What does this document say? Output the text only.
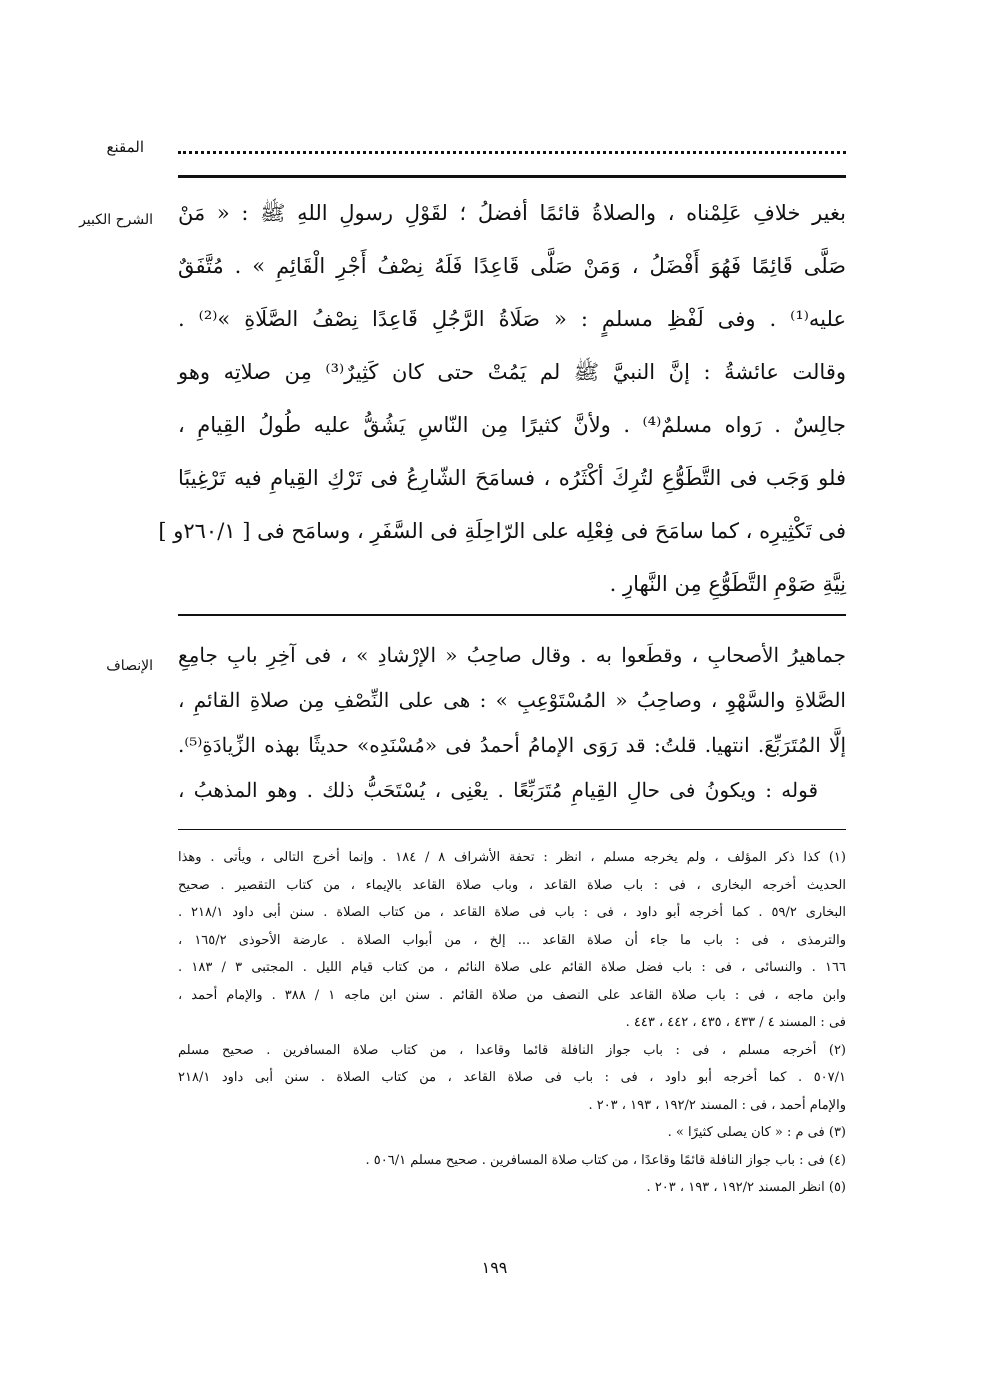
المقنع
الشرح الكبير بغير خلافِ عَلِمْناه ، والصلاةُ قائمًا أفضلُ ؛ لقَوْلِ رسولِ اللهِ ﷺ : « مَنْ
صَلَّى قَائِمًا فَهُوَ أَفْضَلُ ، وَمَنْ صَلَّى قَاعِدًا فَلَهُ نِصْفُ أَجْرِ الْقَائِمِ » . مُتَّفَقٌ
عليه⁽¹⁾ . وفى لَفْظِ مسلمٍ : « صَلَاةُ الرَّجُلِ قَاعِدًا نِصْفُ الصَّلَاةِ »⁽²⁾ .
وقالت عائشةُ : إنَّ النبيَّ ﷺ لم يَمُتْ حتى كان كَثِيرٌ⁽³⁾ مِن صلاتِه وهو
جالِسٌ . رَواه مسلمٌ⁽⁴⁾ . ولأنَّ كثيرًا مِن النّاسِ يَشُقُّ عليه طُولُ القِيامِ ،
فلو وَجَب فى التَّطَوُّعِ لتُرِكَ أكْثَرُه ، فسامَحَ الشّارِعُ فى تَرْكِ القِيامِ فيه تَرْغِيبًا
فى تَكْثِيرِه ، كما سامَحَ فى فِعْلِه على الرّاحِلَةِ فى السَّفَرِ ، وسامَح فى [ ٢٦٠/١و ]
نِيَّةِ صَوْمِ التَّطَوُّعِ مِن النَّهارِ .
الإنصاف جماهيرُ الأصحابِ ، وقطَعوا به . وقال صاحِبُ « الإرْشادِ » ، فى آخِرِ بابِ جامِعِ
الصَّلاةِ والسَّهْوِ ، وصاحِبُ « المُسْتَوْعِبِ » : هى على النِّصْفِ مِن صلاةِ القائمِ ،
إلَّا المُتَرَبِّعَ. انتهيا. قلتُ: قد رَوَى الإمامُ أحمدُ فى «مُسْنَدِه» حديثًا بهذه الزِّيادَةِ⁽⁵⁾.
قوله : ويكونُ فى حالِ القِيامِ مُتَرَبِّعًا . يعْنِى ، يُسْتَحَبُّ ذلك . وهو المذهبُ ،
(١) كذا ذكر المؤلف ، ولم يخرجه مسلم ، انظر : تحفة الأشراف ٨ / ١٨٤ . وإنما أخرج التالى ، ويأتى . وهذا
الحديث أخرجه البخارى ، فى : باب صلاة القاعد ، وباب صلاة القاعد بالإيماء ، من كتاب التقصير . صحيح
البخارى ٥٩/٢ . كما أخرجه أبو داود ، فى : باب فى صلاة القاعد ، من كتاب الصلاة . سنن أبى داود ٢١٨/١ .
والترمذى ، فى : باب ما جاء أن صلاة القاعد ... إلخ ، من أبواب الصلاة . عارضة الأحوذى ١٦٥/٢ ،
١٦٦ . والنسائى ، فى : باب فضل صلاة القائم على صلاة النائم ، من كتاب قيام الليل . المجتبى ٣ / ١٨٣ .
وابن ماجه ، فى : باب صلاة القاعد على النصف من صلاة القائم . سنن ابن ماجه ١ / ٣٨٨ . والإمام أحمد ،
فى : المسند ٤ / ٤٣٣ ، ٤٣٥ ، ٤٤٢ ، ٤٤٣ .
(٢) أخرجه مسلم ، فى : باب جواز النافلة قائما وقاعدا ، من كتاب صلاة المسافرين . صحيح مسلم
٥٠٧/١ . كما أخرجه أبو داود ، فى : باب فى صلاة القاعد ، من كتاب الصلاة . سنن أبى داود ٢١٨/١
والإمام أحمد ، فى : المسند ١٩٢/٢ ، ١٩٣ ، ٢٠٣ .
(٣) فى م : « كان يصلى كثيرًا » .
(٤) فى : باب جواز النافلة قائمًا وقاعدًا ، من كتاب صلاة المسافرين . صحيح مسلم ٥٠٦/١ .
(٥) انظر المسند ١٩٢/٢ ، ١٩٣ ، ٢٠٣ .
١٩٩
